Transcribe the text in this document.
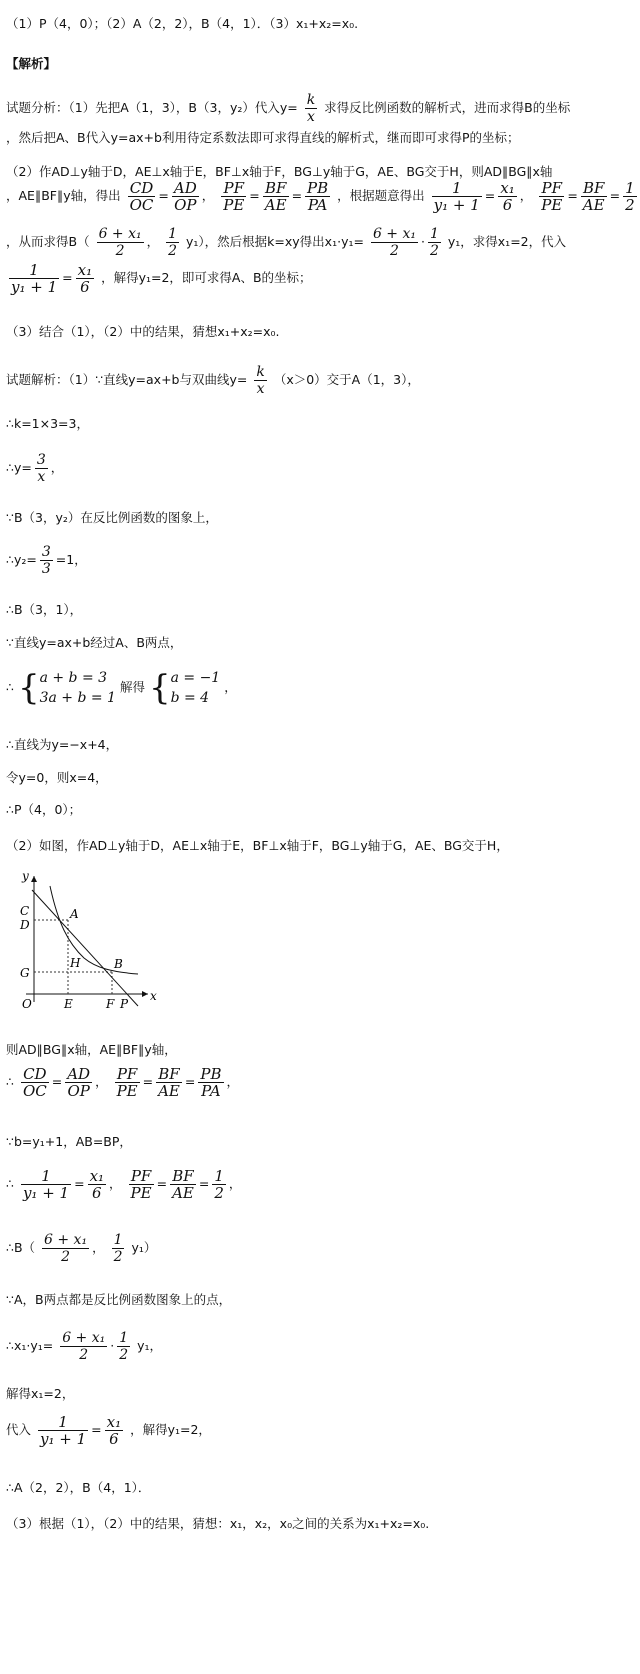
（1）P（4，0）；（2）A（2，2），B（4，1）．（3）x₁+x₂=x₀.
【解析】
试题分析：（1）先把A（1，3），B（3，y₂）代入$y= \frac{k}{x}$ 求得反比例函数的解析式，进而求得B的坐标
，然后把A、B代入y=ax+b利用待定系数法即可求得直线的解析式，继而即可求得P的坐标；
（2）作AD⊥y轴于D，AE⊥x轴于E，BF⊥x轴于F，BG⊥y轴于G，AE、BG交于H，则AD∥BG∥x轴
，AE∥BF∥y轴，得出 $\frac{CD}{OC} = \frac{AD}{OP}$ ， $\frac{PF}{PE} = \frac{BF}{AE} = \frac{PB}{PA}$ ，根据题意得出 $\frac{1}{\text{y₁ + 1}} = \frac{\text{x₁}}{6}$ ， $\frac{PF}{PE} = \frac{BF}{AE} = \frac{1}{2}$
，从而求得$B( \frac{\text{6 + x₁}}{2}$ ， $\frac{1}{2} y_1$），然后根据k=xy得出$x_1\cdot y_1= \frac{\text{6 + x₁}}{2} \cdot \frac{1}{2} y_1$，求得x₁=2，代入
$\frac{1}{\text{y₁ + 1}} = \frac{\text{x₁}}{6}$ ，解得y₁=2，即可求得A、B的坐标；
（3）结合（1），（2）中的结果，猜想x₁+x₂=x₀.
试题解析：（1）∵直线y=ax+b与双曲线$y= \frac{k}{x} (x>0)$交于A（1，3），
∴k=1×3=3，
∴y= $\frac{3}{x}$ ，
∵B（3，y₂）在反比例函数的图象上，
∴y₂= $\frac{3}{3} =1$，
∴B（3，1），
∵直线y=ax+b经过A、B两点，
∴ { a + b = 3
3a + b = 1
解得 { a = −1
b = 4
，
∴直线为y=−x+4，
令y=0，则x=4，
∴P（4，0）；
（2）如图，作AD⊥y轴于D，AE⊥x轴于E，BF⊥x轴于F，BG⊥y轴于G，AE、BG交于H，
y
x
C
D
A
G
H	B
O	E	F P
则AD∥BG∥x轴，AE∥BF∥y轴，
∴ $\frac{CD}{OC} = \frac{AD}{OP}$ ， $\frac{PF}{PE} = \frac{BF}{AE} = \frac{PB}{PA}$ ，
∵b=y₁+1，AB=BP，
∴ $\frac{1}{\text{y₁ + 1}} = \frac{\text{x₁}}{6}$ ， $\frac{PF}{PE} = \frac{BF}{AE} = \frac{1}{2}$ ，
∴B（ $\frac{\text{6 + x₁}}{2}$ ， $\frac{1}{2} y_1$）
∵A，B两点都是反比例函数图象上的点，
∴x₁·y₁= $\frac{\text{6 + x₁}}{2} \cdot \frac{1}{2} y_1$，
解得x₁=2，
代入 $\frac{1}{\text{y₁ + 1}} = \frac{\text{x₁}}{6}$ ，解得y₁=2，
∴A（2，2），B（4，1）．
（3）根据（1），（2）中的结果，猜想：x₁，x₂，x₀之间的关系为x₁+x₂=x₀.
